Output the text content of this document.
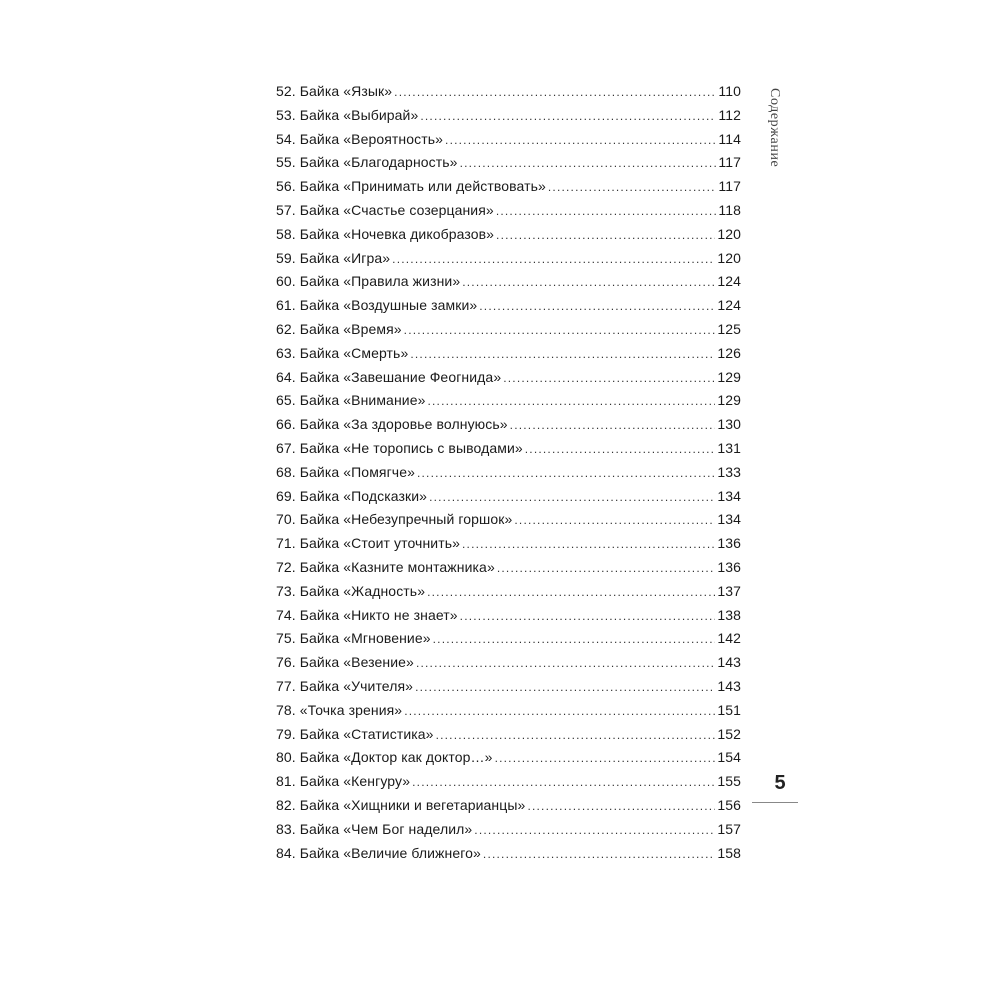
52. Байка «Язык» .....	110
53. Байка «Выбирай» .....	112
54. Байка «Вероятность» .....	114
55. Байка «Благодарность» .....	117
56. Байка «Принимать или действовать» .....	117
57. Байка «Счастье созерцания» .....	118
58. Байка «Ночевка дикобразов» .....	120
59. Байка «Игра» .....	120
60. Байка «Правила жизни» .....	124
61. Байка «Воздушные замки» .....	124
62. Байка «Время» .....	125
63. Байка «Смерть» .....	126
64. Байка «Завешание Феогнида» .....	129
65. Байка «Внимание» .....	129
66. Байка «За здоровье волнуюсь» .....	130
67. Байка «Не торопись с выводами» .....	131
68. Байка «Помягче» .....	133
69. Байка «Подсказки» .....	134
70. Байка «Небезупречный горшок» .....	134
71. Байка «Стоит уточнить» .....	136
72. Байка «Казните монтажника» .....	136
73. Байка «Жадность» .....	137
74. Байка «Никто не знает» .....	138
75. Байка «Мгновение» .....	142
76. Байка «Везение» .....	143
77. Байка «Учителя» .....	143
78. «Точка зрения» .....	151
79. Байка «Статистика» .....	152
80. Байка «Доктор как доктор…» .....	154
81. Байка «Кенгуру» .....	155
82. Байка «Хищники и вегетарианцы» .....	156
83. Байка «Чем Бог наделил» .....	157
84. Байка «Величие ближнего» .....	158
Содержание
5
